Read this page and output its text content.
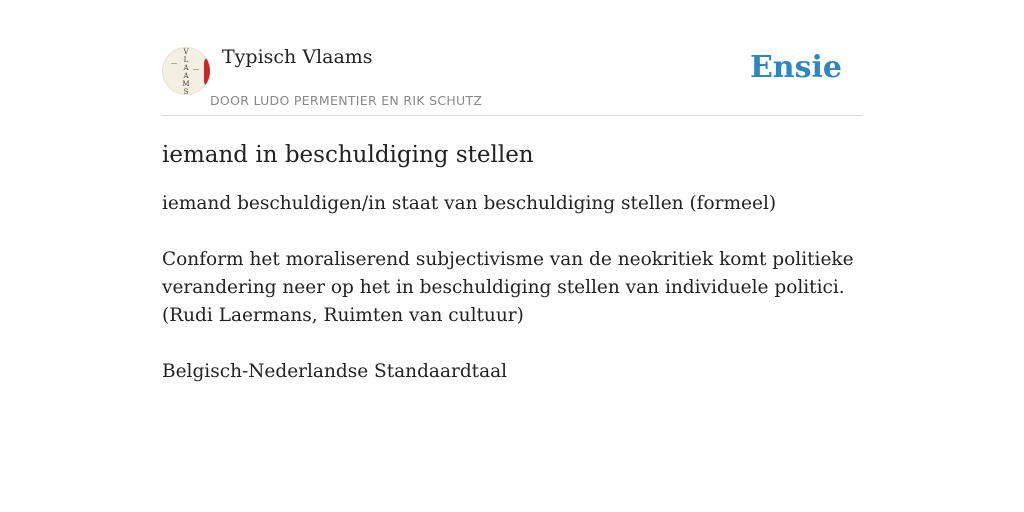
V
L
A
A
M
S
Typisch Vlaams
DOOR LUDO PERMENTIER EN RIK SCHUTZ
Ensie
iemand in beschuldiging stellen
iemand beschuldigen/in staat van beschuldiging stellen (formeel)
Conform het moraliserend subjectivisme van de neokritiek komt politieke
verandering neer op het in beschuldiging stellen van individuele politici.
(Rudi Laermans, Ruimten van cultuur)
Belgisch-Nederlandse Standaardtaal
